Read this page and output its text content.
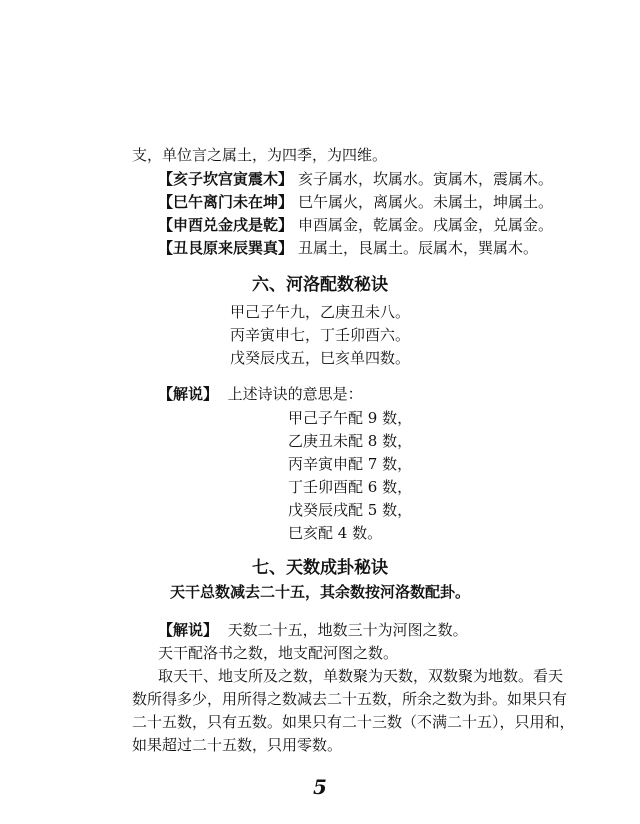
支，单位言之属土，为四季，为四维。
【亥子坎宫寅震木】 亥子属水，坎属水。寅属木，震属木。
【巳午离门未在坤】 巳午属火，离属火。未属土，坤属土。
【申酉兑金戌是乾】 申酉属金，乾属金。戌属金，兑属金。
【丑艮原来辰巽真】 丑属土，艮属土。辰属木，巽属木。
六、河洛配数秘诀
甲己子午九，乙庚丑未八。
丙辛寅申七，丁壬卯酉六。
戊癸辰戌五，巳亥单四数。
【解说】 上述诗诀的意思是：
甲己子午配 9 数，
乙庚丑未配 8 数，
丙辛寅申配 7 数，
丁壬卯酉配 6 数，
戊癸辰戌配 5 数，
巳亥配 4 数。
七、天数成卦秘诀
天干总数减去二十五，其余数按河洛数配卦。
【解说】 天数二十五，地数三十为河图之数。
天干配洛书之数，地支配河图之数。
取天干、地支所及之数，单数聚为天数，双数聚为地数。看天
数所得多少，用所得之数减去二十五数，所余之数为卦。如果只有
二十五数，只有五数。如果只有二十三数（不满二十五），只用和，
如果超过二十五数，只用零数。
5
